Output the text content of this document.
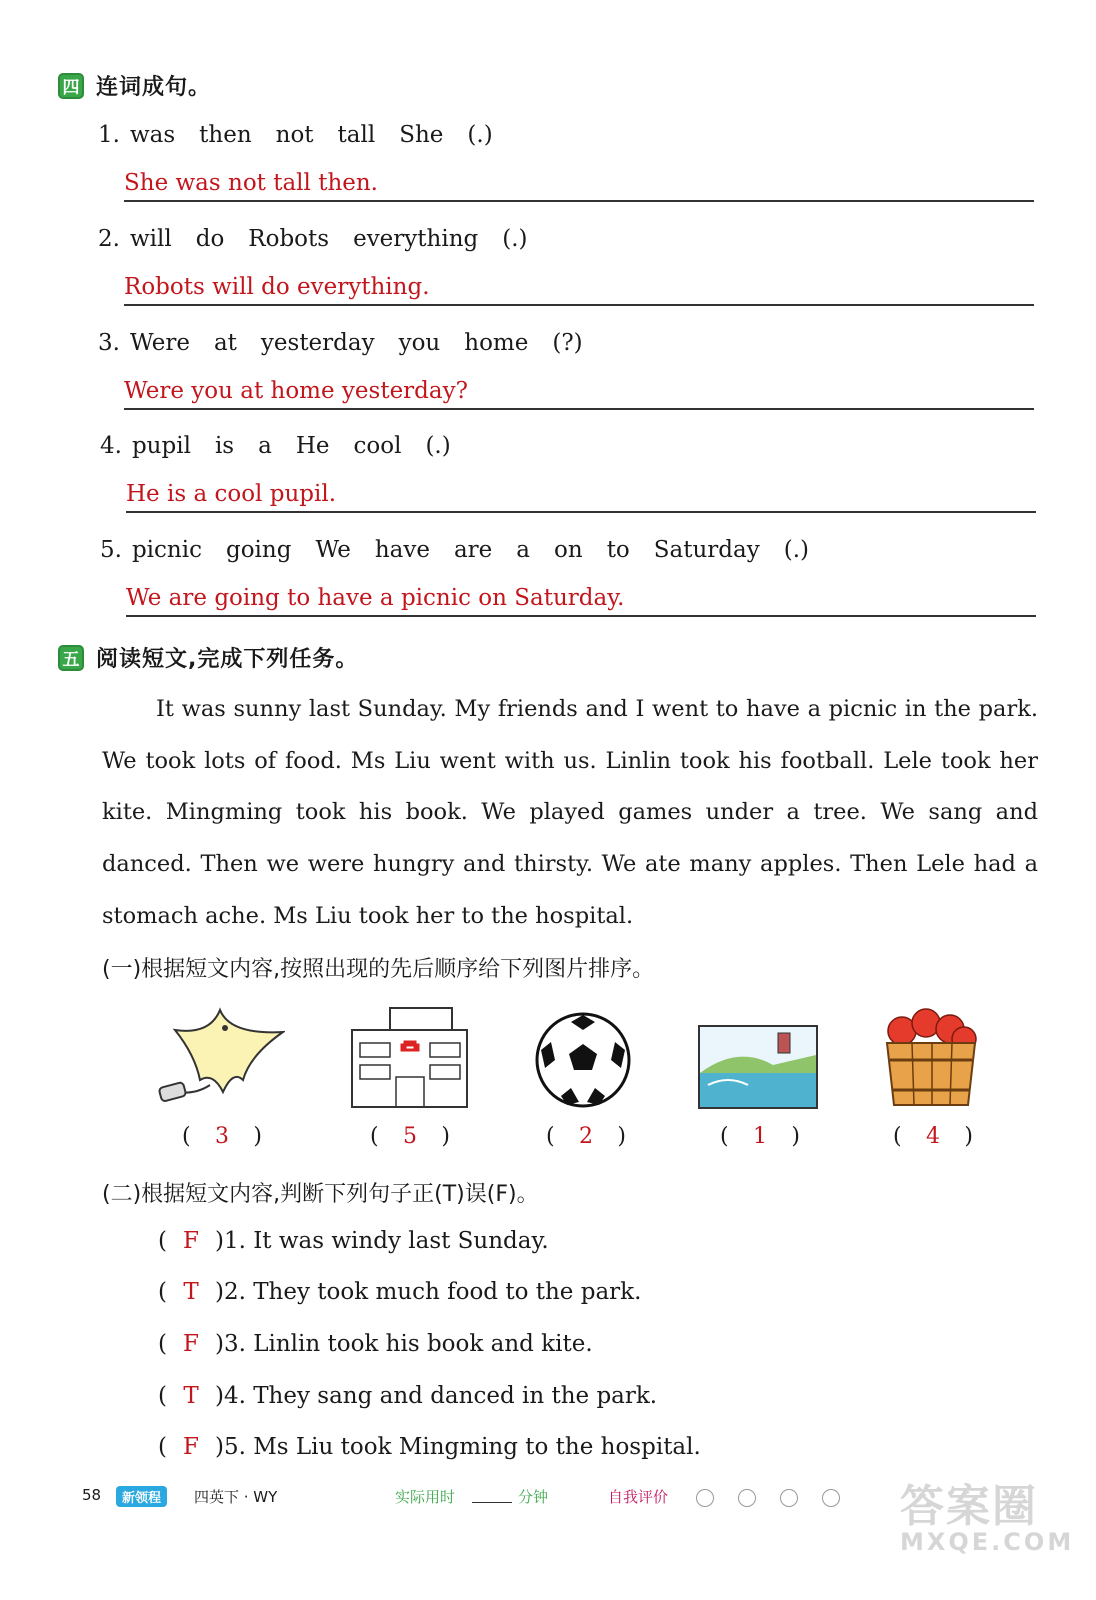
四 连词成句。
1. was then not tall She (.)
She was not tall then.
2. will do Robots everything (.)
Robots will do everything.
3. Were at yesterday you home (?)
Were you at home yesterday?
4. pupil is a He cool (.)
He is a cool pupil.
5. picnic going We have are a on to Saturday (.)
We are going to have a picnic on Saturday.
五 阅读短文,完成下列任务。
It was sunny last Sunday. My friends and I went to have a picnic in the park. We took lots of food. Ms Liu went with us. Linlin took his football. Lele took her kite. Mingming took his book. We played games under a tree. We sang and danced. Then we were hungry and thirsty. We ate many apples. Then Lele had a stomach ache. Ms Liu took her to the hospital.
(一)根据短文内容,按照出现的先后顺序给下列图片排序。
( 3 )	( 5 )	( 2 )	( 1 )	( 4 )
(二)根据短文内容,判断下列句子正(T)误(F)。
( F )1. It was windy last Sunday.
( T )2. They took much food to the park.
( F )3. Linlin took his book and kite.
( T )4. They sang and danced in the park.
( F )5. Ms Liu took Mingming to the hospital.
58	新领程	四英下 · WY	实际用时	分钟	自我评价	答案圈
MXQE.COM
